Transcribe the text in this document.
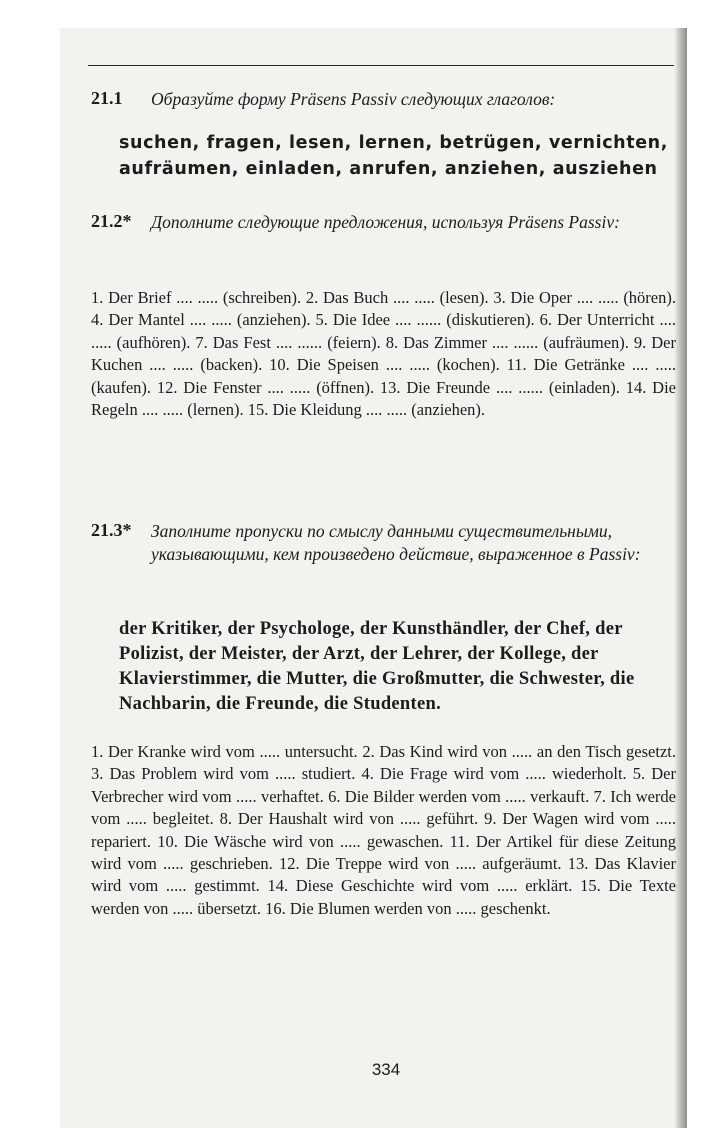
21.1	Образуйте форму Präsens Passiv следующих глаголов:
suchen, fragen, lesen, lernen, betrügen, vernichten, aufräumen, einladen, anrufen, anziehen, ausziehen
21.2*	Дополните следующие предложения, используя Präsens Passiv:

1. Der Brief .... ..... (schreiben). 2. Das Buch .... ..... (lesen). 3. Die Oper .... ..... (hören). 4. Der Mantel .... ..... (anziehen). 5. Die Idee .... ...... (diskutieren). 6. Der Unterricht .... ..... (aufhören). 7. Das Fest .... ...... (feiern). 8. Das Zimmer .... ...... (aufräumen). 9. Der Kuchen .... ..... (backen). 10. Die Speisen .... ..... (kochen). 11. Die Getränke .... ..... (kaufen). 12. Die Fenster .... ..... (öffnen). 13. Die Freunde .... ...... (einladen). 14. Die Regeln .... ..... (lernen). 15. Die Kleidung .... ..... (anziehen).

21.3*	Заполните пропуски по смыслу данными существительными, указывающими, кем произведено действие, выраженное в Passiv:
der Kritiker, der Psychologe, der Kunsthändler, der Chef, der Polizist, der Meister, der Arzt, der Lehrer, der Kollege, der Klavierstimmer, die Mutter, die Großmutter, die Schwester, die Nachbarin, die Freunde, die Studenten.

1. Der Kranke wird vom ..... untersucht. 2. Das Kind wird von ..... an den Tisch gesetzt. 3. Das Problem wird vom ..... studiert. 4. Die Frage wird vom ..... wiederholt. 5. Der Verbrecher wird vom ..... verhaftet. 6. Die Bilder werden vom ..... verkauft. 7. Ich werde vom ..... begleitet. 8. Der Haushalt wird von ..... geführt. 9. Der Wagen wird vom ..... repariert. 10. Die Wäsche wird von ..... gewaschen. 11. Der Artikel für diese Zeitung wird vom ..... geschrieben. 12. Die Treppe wird von ..... aufgeräumt. 13. Das Klavier wird vom ..... gestimmt. 14. Diese Geschichte wird vom ..... erklärt. 15. Die Texte werden von ..... übersetzt. 16. Die Blumen werden von ..... geschenkt.

334
